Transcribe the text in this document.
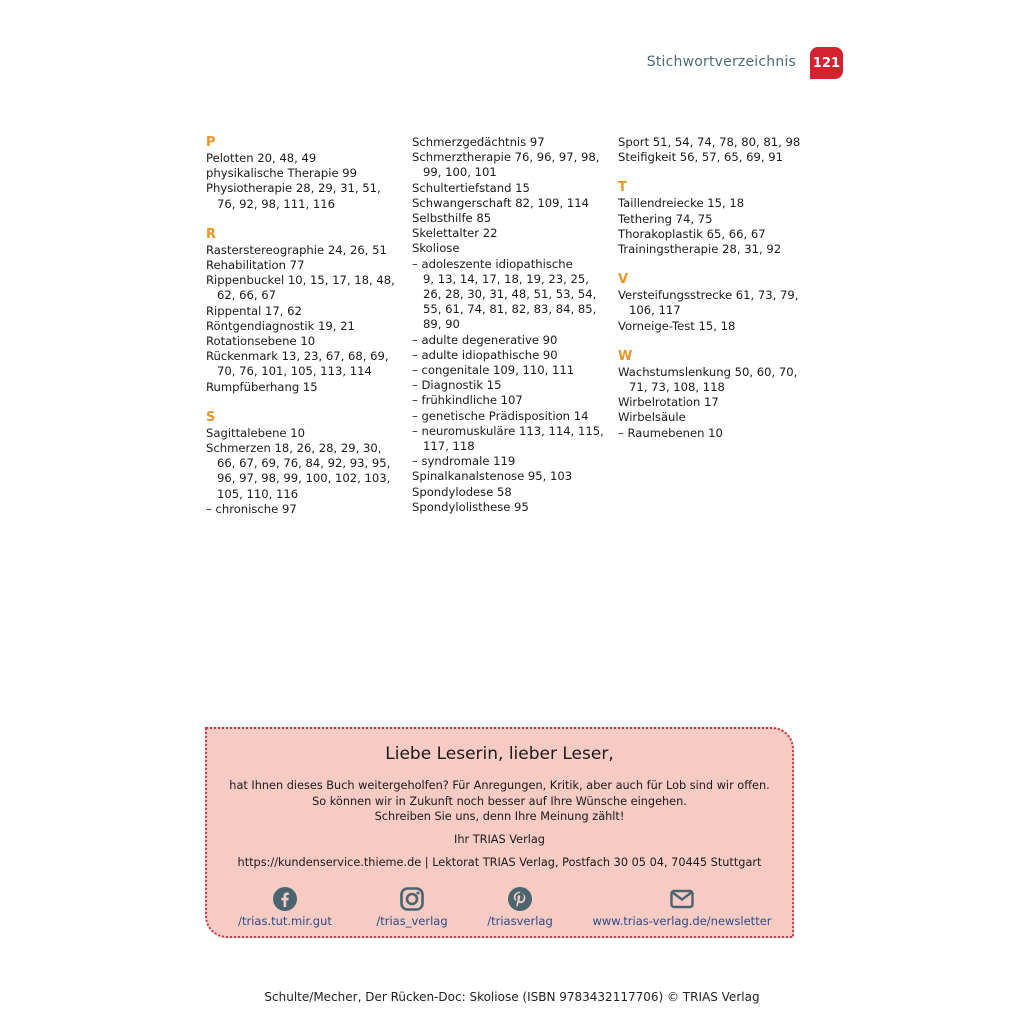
Stichwortverzeichnis 121
P
Pelotten 20, 48, 49
physikalische Therapie 99
Physiotherapie 28, 29, 31, 51,
76, 92, 98, 111, 116
R
Rasterstereographie 24, 26, 51
Rehabilitation 77
Rippenbuckel 10, 15, 17, 18, 48,
62, 66, 67
Rippental 17, 62
Röntgendiagnostik 19, 21
Rotationsebene 10
Rückenmark 13, 23, 67, 68, 69,
70, 76, 101, 105, 113, 114
Rumpfüberhang 15
S
Sagittalebene 10
Schmerzen 18, 26, 28, 29, 30,
66, 67, 69, 76, 84, 92, 93, 95,
96, 97, 98, 99, 100, 102, 103,
105, 110, 116
– chronische 97
Schmerzgedächtnis 97
Schmerztherapie 76, 96, 97, 98,
99, 100, 101
Schultertiefstand 15
Schwangerschaft 82, 109, 114
Selbsthilfe 85
Skelettalter 22
Skoliose
– adoleszente idiopathische
9, 13, 14, 17, 18, 19, 23, 25,
26, 28, 30, 31, 48, 51, 53, 54,
55, 61, 74, 81, 82, 83, 84, 85,
89, 90
– adulte degenerative 90
– adulte idiopathische 90
– congenitale 109, 110, 111
– Diagnostik 15
– frühkindliche 107
– genetische Prädisposition 14
– neuromuskuläre 113, 114, 115,
117, 118
– syndromale 119
Spinalkanalstenose 95, 103
Spondylodese 58
Spondylolisthese 95
Sport 51, 54, 74, 78, 80, 81, 98
Steifigkeit 56, 57, 65, 69, 91
T
Taillendreiecke 15, 18
Tethering 74, 75
Thorakoplastik 65, 66, 67
Trainingstherapie 28, 31, 92
V
Versteifungsstrecke 61, 73, 79,
106, 117
Vorneige-Test 15, 18
W
Wachstumslenkung 50, 60, 70,
71, 73, 108, 118
Wirbelrotation 17
Wirbelsäule
– Raumebenen 10
Liebe Leserin, lieber Leser,
hat Ihnen dieses Buch weitergeholfen? Für Anregungen, Kritik, aber auch für Lob sind wir offen.
So können wir in Zukunft noch besser auf Ihre Wünsche eingehen.
Schreiben Sie uns, denn Ihre Meinung zählt!
Ihr TRIAS Verlag
https://kundenservice.thieme.de | Lektorat TRIAS Verlag, Postfach 30 05 04, 70445 Stuttgart
/trias.tut.mir.gut	/trias_verlag	/triasverlag	www.trias-verlag.de/newsletter
Schulte/Mecher, Der Rücken-Doc: Skoliose (ISBN 9783432117706) © TRIAS Verlag
